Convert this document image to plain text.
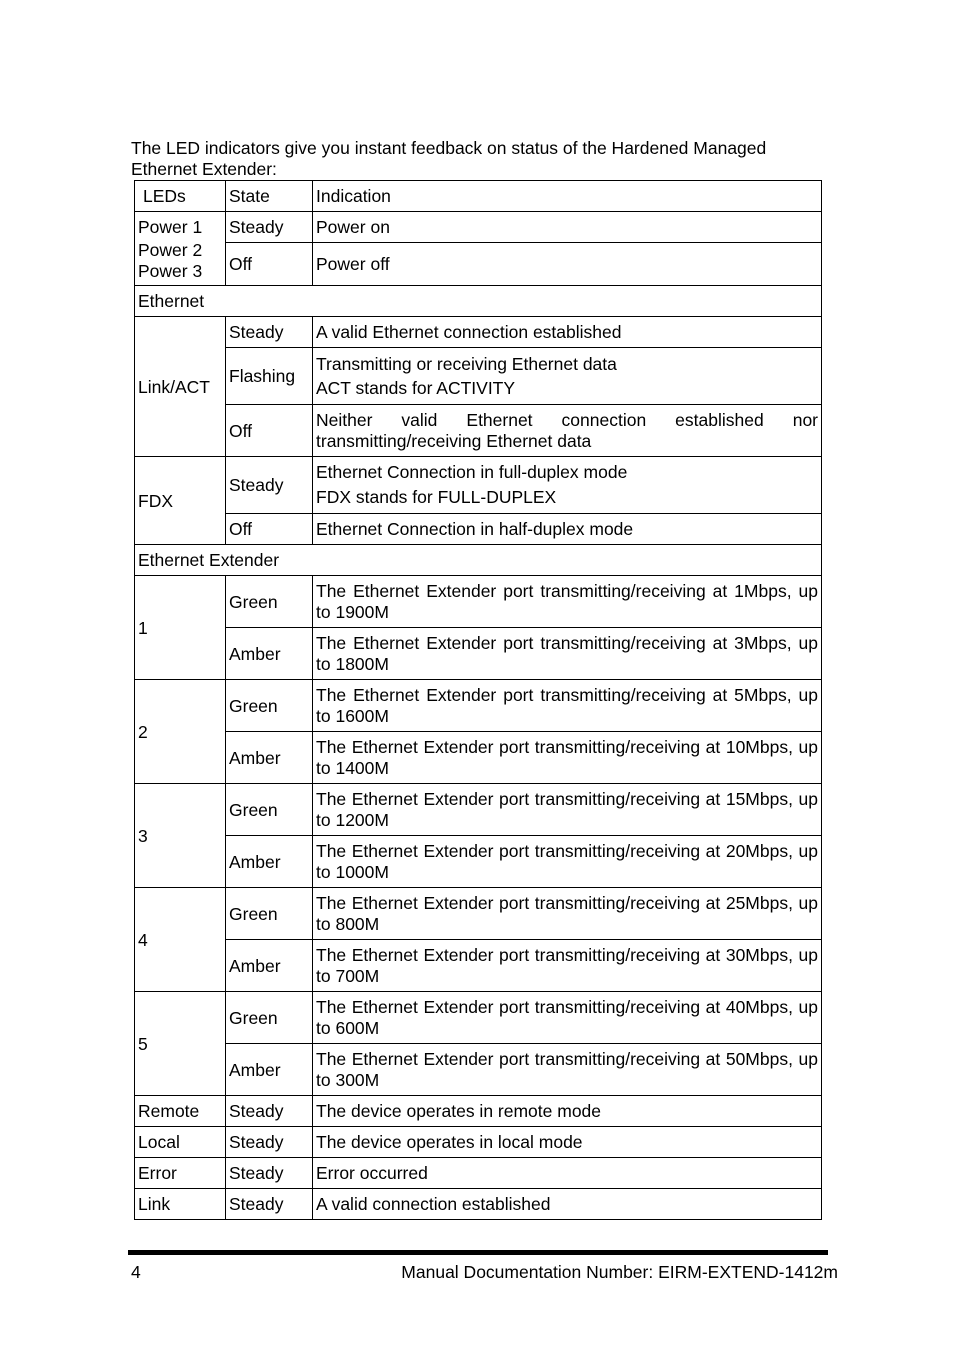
The LED indicators give you instant feedback on status of the Hardened Managed Ethernet Extender:
LEDs	State	Indication

Power 1
Power 2
Power 3	Steady	Power on
	Off	Power off
Ethernet		
Link/ACT	Steady	A valid Ethernet connection established
	Flashing	Transmitting or receiving Ethernet data
ACT stands for ACTIVITY

	Off	Neither valid Ethernet connection established nor transmitting/receiving Ethernet data
FDX	Steady	Ethernet Connection in full-duplex mode
FDX stands for FULL-DUPLEX

	Off	Ethernet Connection in half-duplex mode
Ethernet Extender		
1	Green	The Ethernet Extender port transmitting/receiving at 1Mbps, up to 1900M
	Amber	The Ethernet Extender port transmitting/receiving at 3Mbps, up to 1800M
2	Green	The Ethernet Extender port transmitting/receiving at 5Mbps, up to 1600M
	Amber	The Ethernet Extender port transmitting/receiving at 10Mbps, up to 1400M
3	Green	The Ethernet Extender port transmitting/receiving at 15Mbps, up to 1200M
	Amber	The Ethernet Extender port transmitting/receiving at 20Mbps, up to 1000M
4	Green	The Ethernet Extender port transmitting/receiving at 25Mbps, up to 800M
	Amber	The Ethernet Extender port transmitting/receiving at 30Mbps, up to 700M
5	Green	The Ethernet Extender port transmitting/receiving at 40Mbps, up to 600M
	Amber	The Ethernet Extender port transmitting/receiving at 50Mbps, up to 300M
Remote	Steady	The device operates in remote mode
Local	Steady	The device operates in local mode
Error	Steady	Error occurred
Link	Steady	A valid connection established
4	Manual Documentation Number: EIRM-EXTEND-1412m
